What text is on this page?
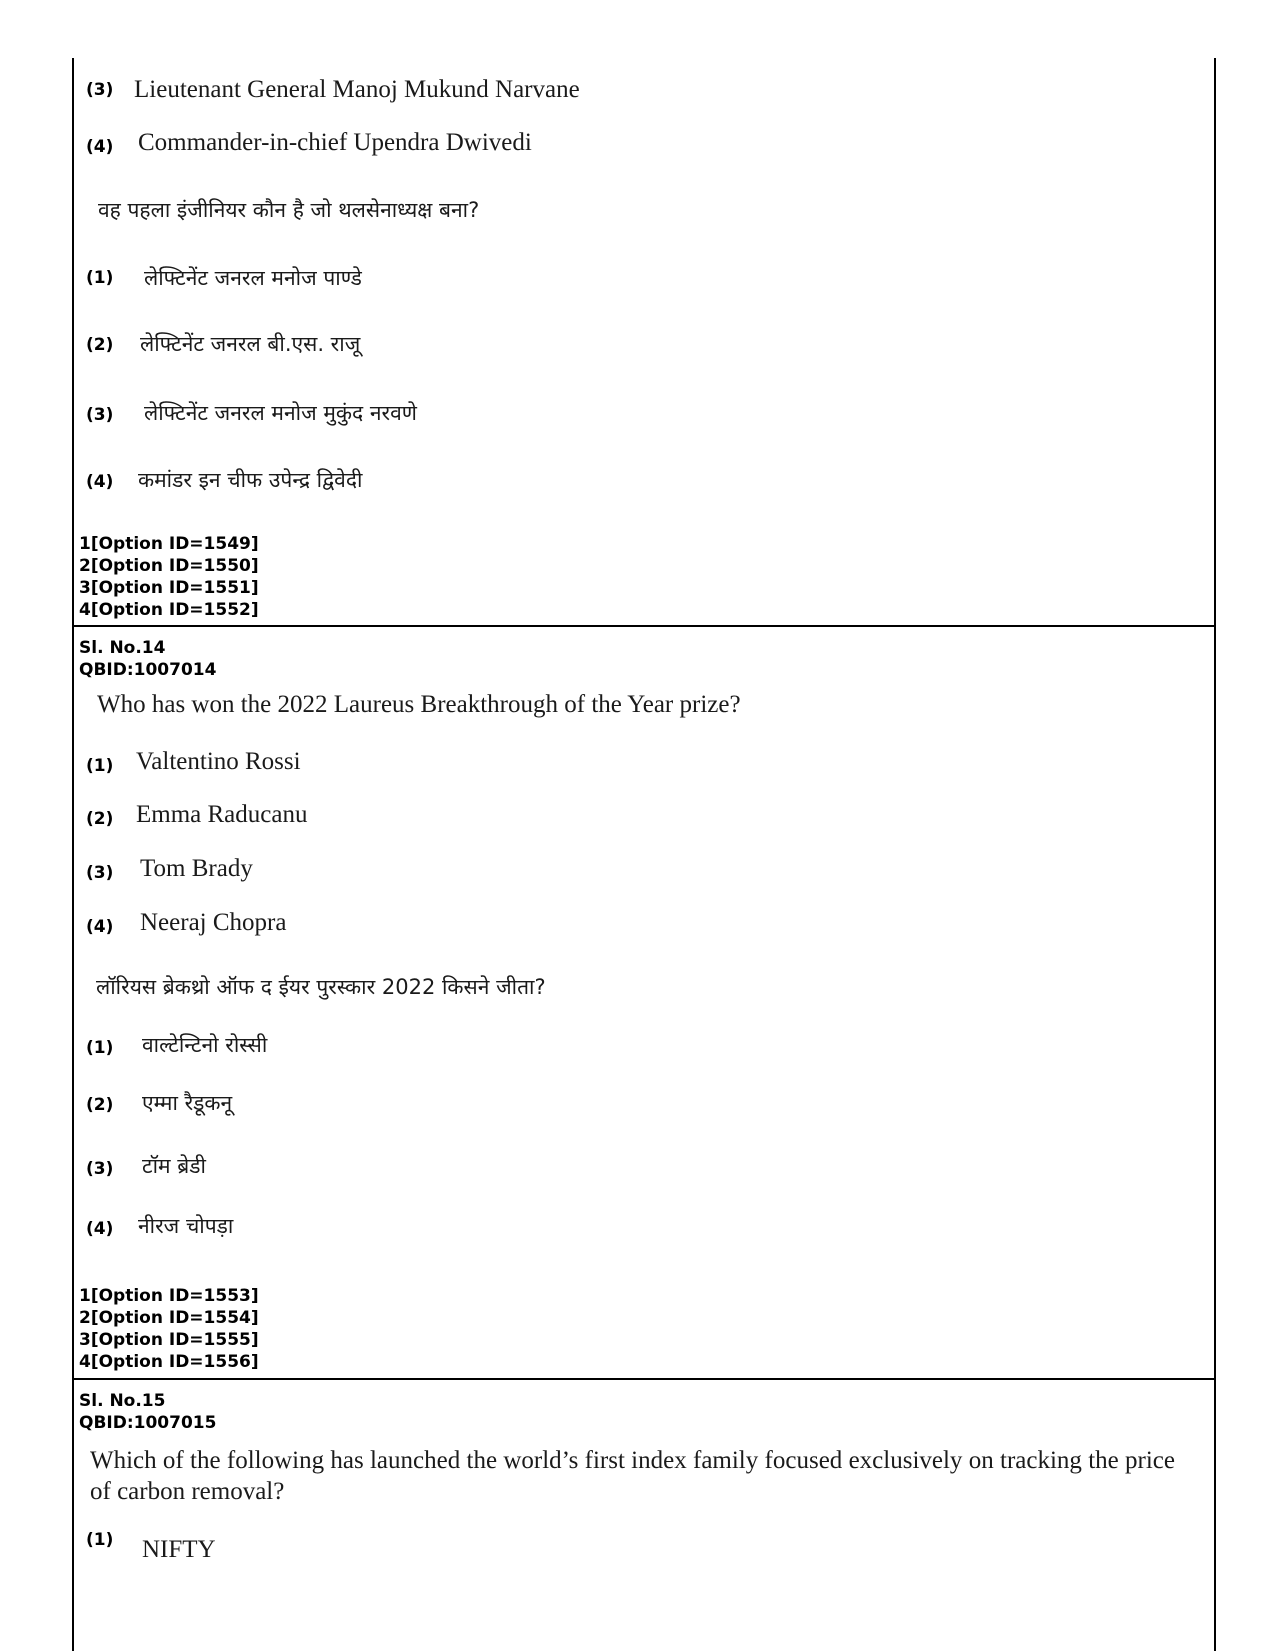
(3) Lieutenant General Manoj Mukund Narvane
(4) Commander-in-chief Upendra Dwivedi
वह पहला इंजीनियर कौन है जो थलसेनाध्यक्ष बना?
(1) लेफ्टिनेंट जनरल मनोज पाण्डे
(2) लेफ्टिनेंट जनरल बी.एस. राजू
(3) लेफ्टिनेंट जनरल मनोज मुकुंद नरवणे
(4) कमांडर इन चीफ उपेन्द्र द्विवेदी
1[Option ID=1549]
2[Option ID=1550]
3[Option ID=1551]
4[Option ID=1552]
Sl. No.14
QBID:1007014
Who has won the 2022 Laureus Breakthrough of the Year prize?
(1) Valtentino Rossi
(2) Emma Raducanu
(3) Tom Brady
(4) Neeraj Chopra
लॉरियस ब्रेकथ्रो ऑफ द ईयर पुरस्कार 2022 किसने जीता?
(1) वाल्टेन्टिनो रोस्सी
(2) एम्मा रैडूकनू
(3) टॉम ब्रेडी
(4) नीरज चोपड़ा
1[Option ID=1553]
2[Option ID=1554]
3[Option ID=1555]
4[Option ID=1556]
Sl. No.15
QBID:1007015
Which of the following has launched the world’s first index family focused exclusively on tracking the price of carbon removal?
(1) NIFTY
